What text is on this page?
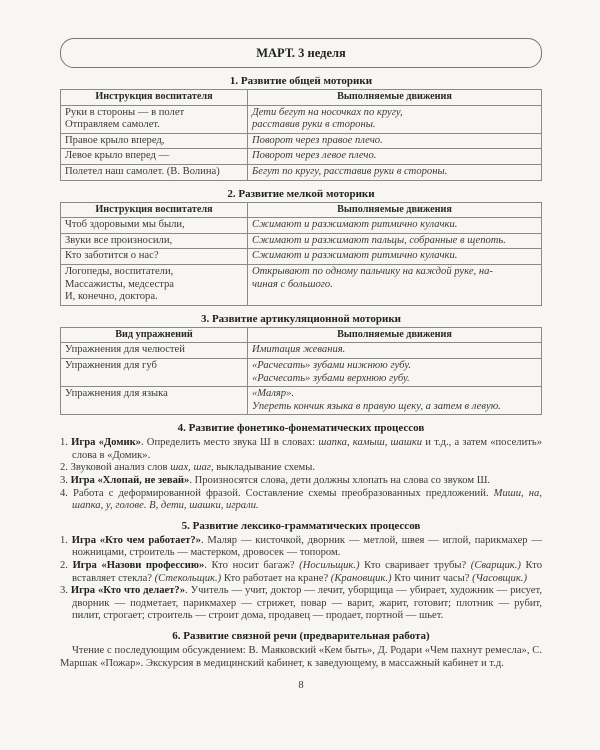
МАРТ. 3 неделя
1. Развитие общей моторики
Инструкция воспитателя	Выполняемые движения

Руки в стороны — в полет
Отправляем самолет.	Дети бегут на носочках по кругу,
расставив руки в стороны.

Правое крыло вперед,	Поворот через правое плечо.

Левое крыло вперед —	Поворот через левое плечо.

Полетел наш самолет. (В. Волина)	Бегут по кругу, расставив руки в стороны.
2. Развитие мелкой моторики
Инструкция воспитателя	Выполняемые движения

Чтоб здоровыми мы были,	Сжимают и разжимают ритмично кулачки.

Звуки все произносили,	Сжимают и разжимают пальцы, собранные в щепоть.

Кто заботится о нас?	Сжимают и разжимают ритмично кулачки.

Логопеды, воспитатели,
Массажисты, медсестра
И, конечно, доктора.	Открывают по одному пальчику на каждой руке, на-
чиная с большого.
3. Развитие артикуляционной моторики
Вид упражнений	Выполняемые движения

Упражнения для челюстей	Имитация жевания.

Упражнения для губ	«Расчесать» зубами нижнюю губу.
«Расчесать» зубами верхнюю губу.

Упражнения для языка	«Маляр».
Упереть кончик языка в правую щеку, а затем в левую.
4. Развитие фонетико-фонематических процессов

1. Игра «Домик». Определить место звука Ш в словах: шапка, камыш, шашки и т.д., а затем «поселить» слова в «Домик».

2. Звуковой анализ слов шах, шаг, выкладывание схемы.

3. Игра «Хлопай, не зевай». Произносятся слова, дети должны хлопать на слова со звуком Ш.

4. Работа с деформированной фразой. Составление схемы преобразованных предложений. Миши, на, шапка, у, голове. В, дети, шашки, играли.

5. Развитие лексико-грамматических процессов

1. Игра «Кто чем работает?». Маляр — кисточкой, дворник — метлой, швея — иглой, парикмахер — ножницами, строитель — мастерком, дровосек — топором.

2. Игра «Назови профессию». Кто носит багаж? (Носильщик.) Кто сваривает трубы? (Сварщик.) Кто вставляет стекла? (Стекольщик.) Кто работает на кране? (Крановщик.) Кто чинит часы? (Часовщик.)

3. Игра «Кто что делает?». Учитель — учит, доктор — лечит, уборщица — убирает, художник — рисует, дворник — подметает, парикмахер — стрижет, повар — варит, жарит, готовит; плотник — рубит, пилит, строгает; строитель — строит дома, продавец — продает, портной — шьет.

6. Развитие связной речи (предварительная работа)

Чтение с последующим обсуждением: В. Маяковский «Кем быть», Д. Родари «Чем пахнут ремесла», С. Маршак «Пожар». Экскурсия в медицинский кабинет, к заведующему, в массажный кабинет и т.д.

8
